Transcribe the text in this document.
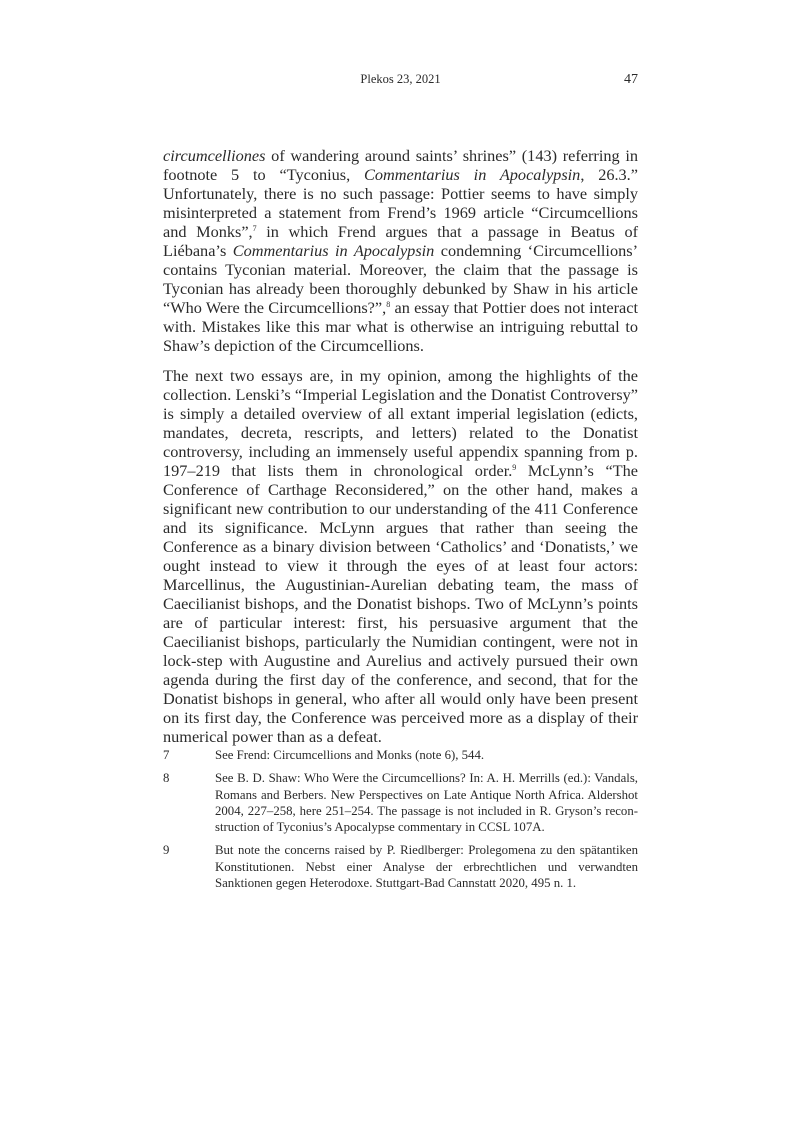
Plekos 23, 2021	47

circumcelliones of wandering around saints’ shrines” (143) referring in footnote 5 to “Tyconius, Commentarius in Apocalypsin, 26.3.” Unfortunately, there is no such passage: Pottier seems to have simply misinterpreted a statement from Frend’s 1969 article “Circumcellions and Monks”,$^7$ in which Frend argues that a passage in Beatus of Liébana’s Commentarius in Apocalypsin condemning ‘Circumcellions’ contains Tyconian material. Moreover, the claim that the passage is Tyconian has already been thoroughly debunked by Shaw in his article “Who Were the Circumcellions?”,$^8$ an essay that Pottier does not interact with. Mistakes like this mar what is otherwise an intriguing rebuttal to Shaw’s depiction of the Circumcellions.

The next two essays are, in my opinion, among the highlights of the collection. Lenski’s “Imperial Legislation and the Donatist Controversy” is simply a detailed overview of all extant imperial legislation (edicts, mandates, decreta, rescripts, and letters) related to the Donatist controversy, including an immensely useful appendix spanning from p. 197–219 that lists them in chronological order.$^9$ McLynn’s “The Conference of Carthage Reconsidered,” on the other hand, makes a significant new contribution to our understanding of the 411 Conference and its significance. McLynn argues that rather than seeing the Conference as a binary division between ‘Catholics’ and ‘Donatists,’ we ought instead to view it through the eyes of at least four actors: Marcellinus, the Augustinian-Aurelian debating team, the mass of Caecilianist bishops, and the Donatist bishops. Two of McLynn’s points are of particular interest: first, his persuasive argument that the Caecilianist bishops, particularly the Numidian contingent, were not in lock-step with Augustine and Aurelius and actively pursued their own agenda during the first day of the conference, and second, that for the Donatist bishops in general, who after all would only have been present on its first day, the Conference was perceived more as a display of their numerical power than as a defeat.

7	See Frend: Circumcellions and Monks (note 6), 544.
8	See B. D. Shaw: Who Were the Circumcellions? In: A. H. Merrills (ed.): Vandals, Romans and Berbers. New Perspectives on Late Antique North Africa. Aldershot 2004, 227–258, here 251–254. The passage is not included in R. Gryson’s reconstruction of Tyconius’s Apocalypse commentary in CCSL 107A.
9	But note the concerns raised by P. Riedlberger: Prolegomena zu den spätantiken Konstitutionen. Nebst einer Analyse der erbrechtlichen und verwandten Sanktionen gegen Heterodoxe. Stuttgart-Bad Cannstatt 2020, 495 n. 1.
